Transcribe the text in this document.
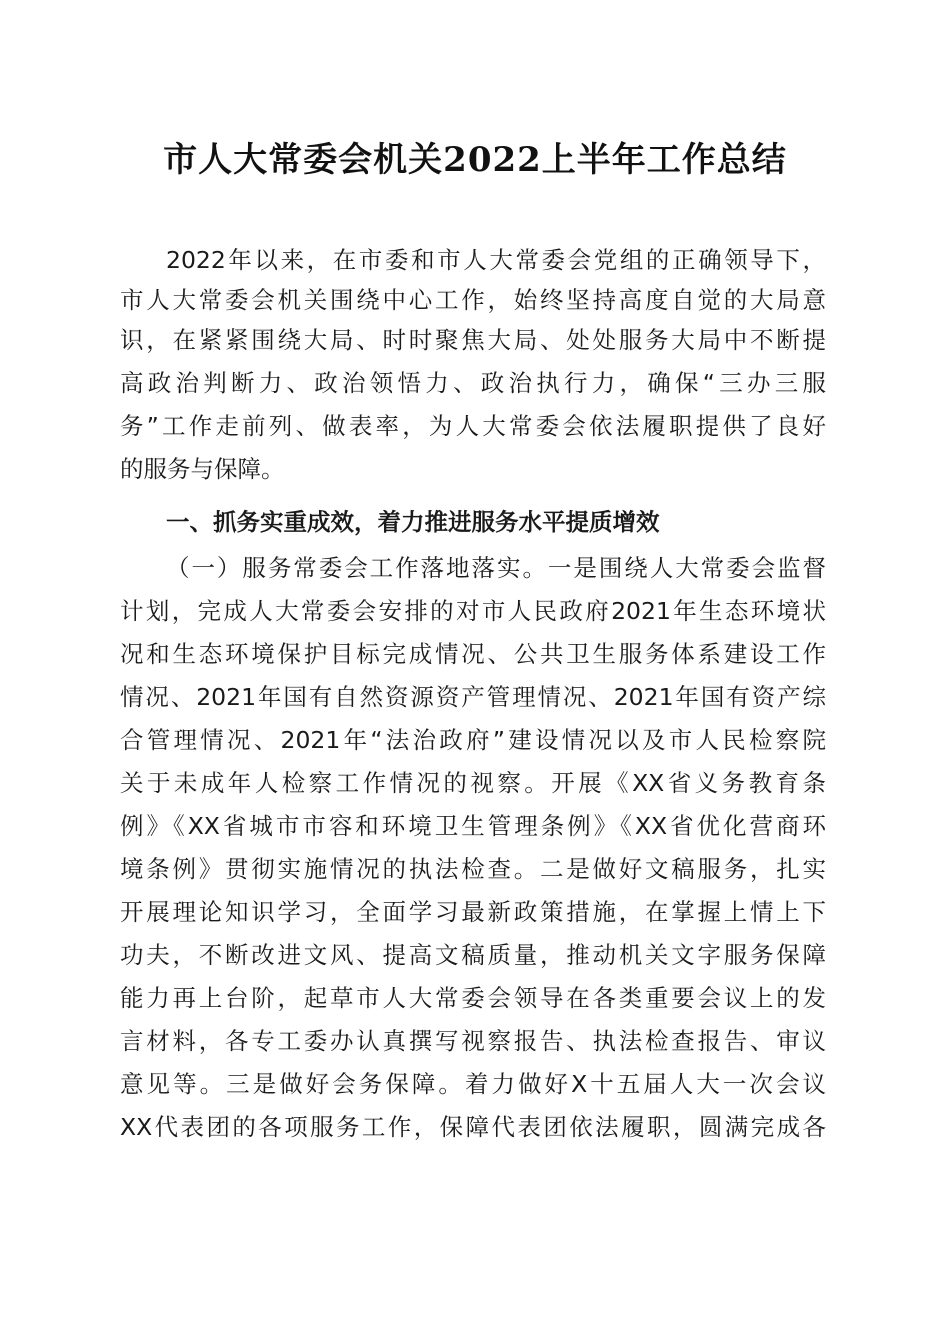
市人大常委会机关2022上半年工作总结
2022年以来，在市委和市人大常委会党组的正确领导下，
市人大常委会机关围绕中心工作，始终坚持高度自觉的大局意
识，在紧紧围绕大局、时时聚焦大局、处处服务大局中不断提
高政治判断力、政治领悟力、政治执行力，确保“三办三服
务”工作走前列、做表率，为人大常委会依法履职提供了良好
的服务与保障。
一、抓务实重成效，着力推进服务水平提质增效
（一）服务常委会工作落地落实。一是围绕人大常委会监督
计划，完成人大常委会安排的对市人民政府2021年生态环境状
况和生态环境保护目标完成情况、公共卫生服务体系建设工作
情况、2021年国有自然资源资产管理情况、2021年国有资产综
合管理情况、2021年“法治政府”建设情况以及市人民检察院
关于未成年人检察工作情况的视察。开展《XX省义务教育条
例》《XX省城市市容和环境卫生管理条例》《XX省优化营商环
境条例》贯彻实施情况的执法检查。二是做好文稿服务，扎实
开展理论知识学习，全面学习最新政策措施，在掌握上情上下
功夫，不断改进文风、提高文稿质量，推动机关文字服务保障
能力再上台阶，起草市人大常委会领导在各类重要会议上的发
言材料，各专工委办认真撰写视察报告、执法检查报告、审议
意见等。三是做好会务保障。着力做好X十五届人大一次会议
XX代表团的各项服务工作，保障代表团依法履职，圆满完成各
